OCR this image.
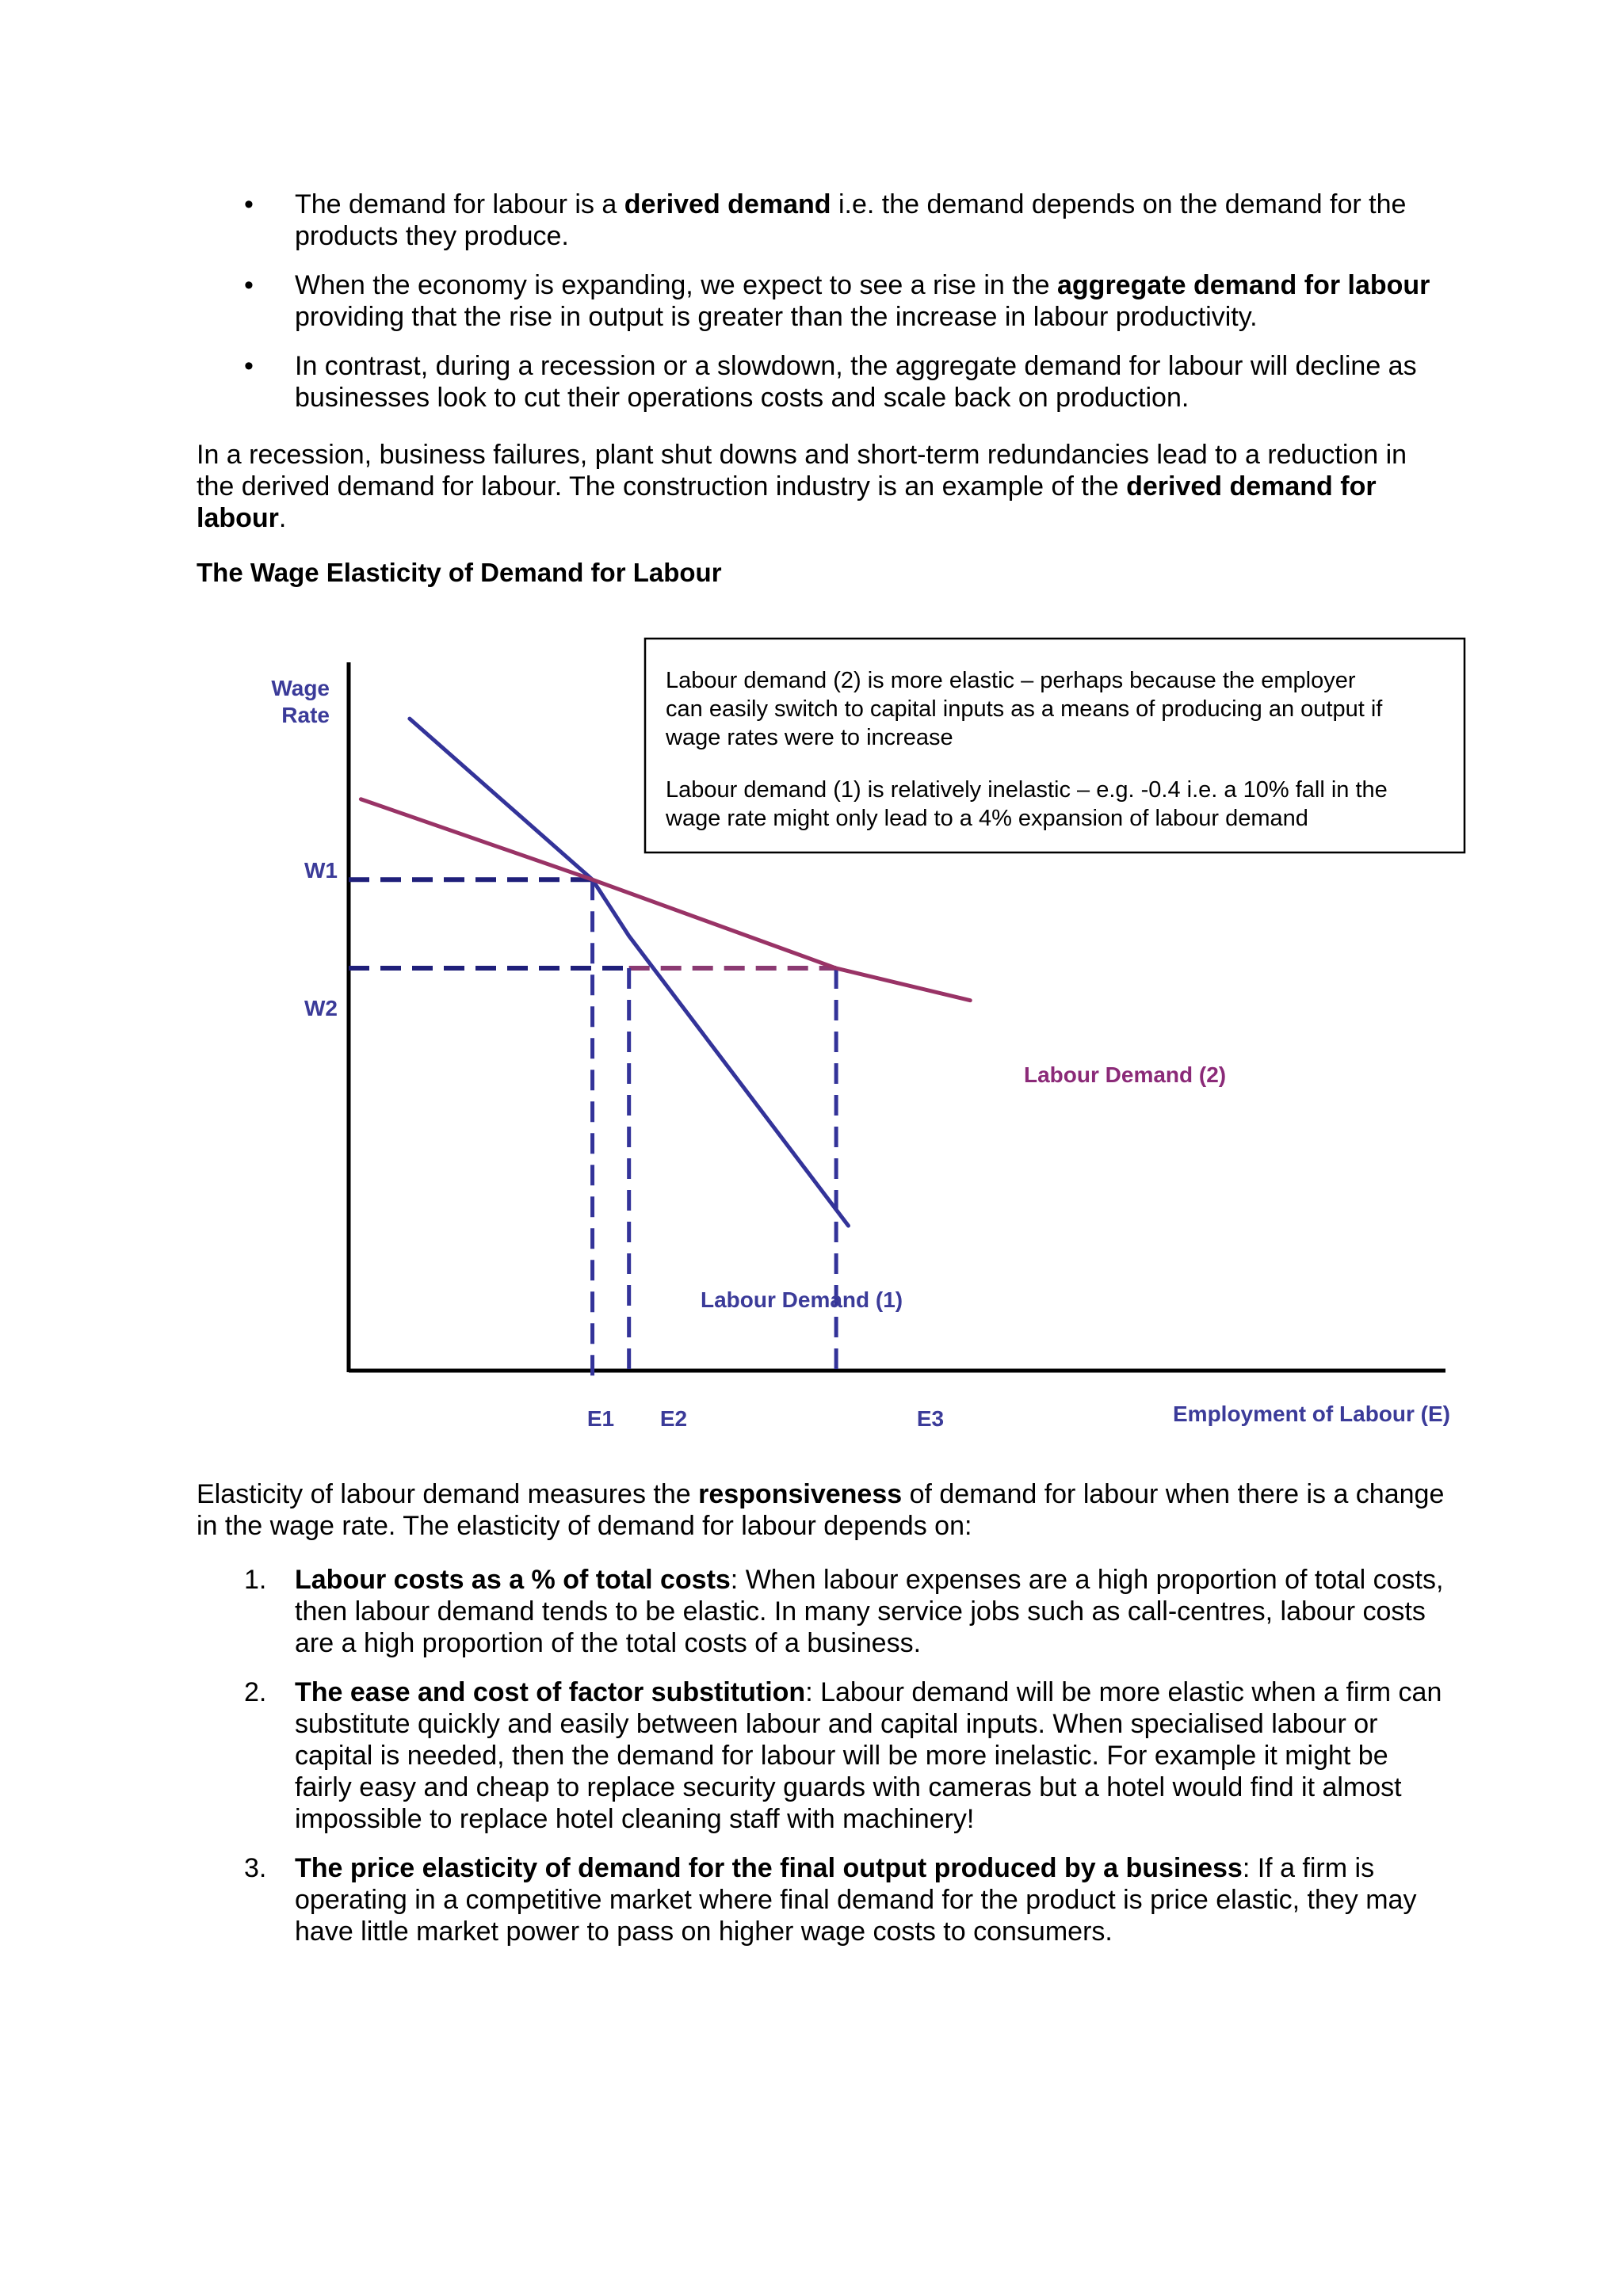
• The demand for labour is a derived demand i.e. the demand depends on the demand for the products they produce.
• When the economy is expanding, we expect to see a rise in the aggregate demand for labour providing that the rise in output is greater than the increase in labour productivity.
• In contrast, during a recession or a slowdown, the aggregate demand for labour will decline as businesses look to cut their operations costs and scale back on production.

In a recession, business failures, plant shut downs and short-term redundancies lead to a reduction in the derived demand for labour. The construction industry is an example of the derived demand for labour.

The Wage Elasticity of Demand for Labour
Wage
Rate
Employment of Labour (E)
W1
W2
E1 E2	E3
Labour Demand (1)
Labour Demand (2)
Labour demand (2) is more elastic – perhaps because the employer
can easily switch to capital inputs as a means of producing an output if
wage rates were to increase
Labour demand (1) is relatively inelastic – e.g. -0.4 i.e. a 10% fall in the
wage rate might only lead to a 4% expansion of labour demand

Elasticity of labour demand measures the responsiveness of demand for labour when there is a change in the wage rate. The elasticity of demand for labour depends on:

1. Labour costs as a % of total costs: When labour expenses are a high proportion of total costs, then labour demand tends to be elastic. In many service jobs such as call-centres, labour costs are a high proportion of the total costs of a business.
2. The ease and cost of factor substitution: Labour demand will be more elastic when a firm can substitute quickly and easily between labour and capital inputs. When specialised labour or capital is needed, then the demand for labour will be more inelastic. For example it might be fairly easy and cheap to replace security guards with cameras but a hotel would find it almost impossible to replace hotel cleaning staff with machinery!
3. The price elasticity of demand for the final output produced by a business: If a firm is operating in a competitive market where final demand for the product is price elastic, they may have little market power to pass on higher wage costs to consumers.
